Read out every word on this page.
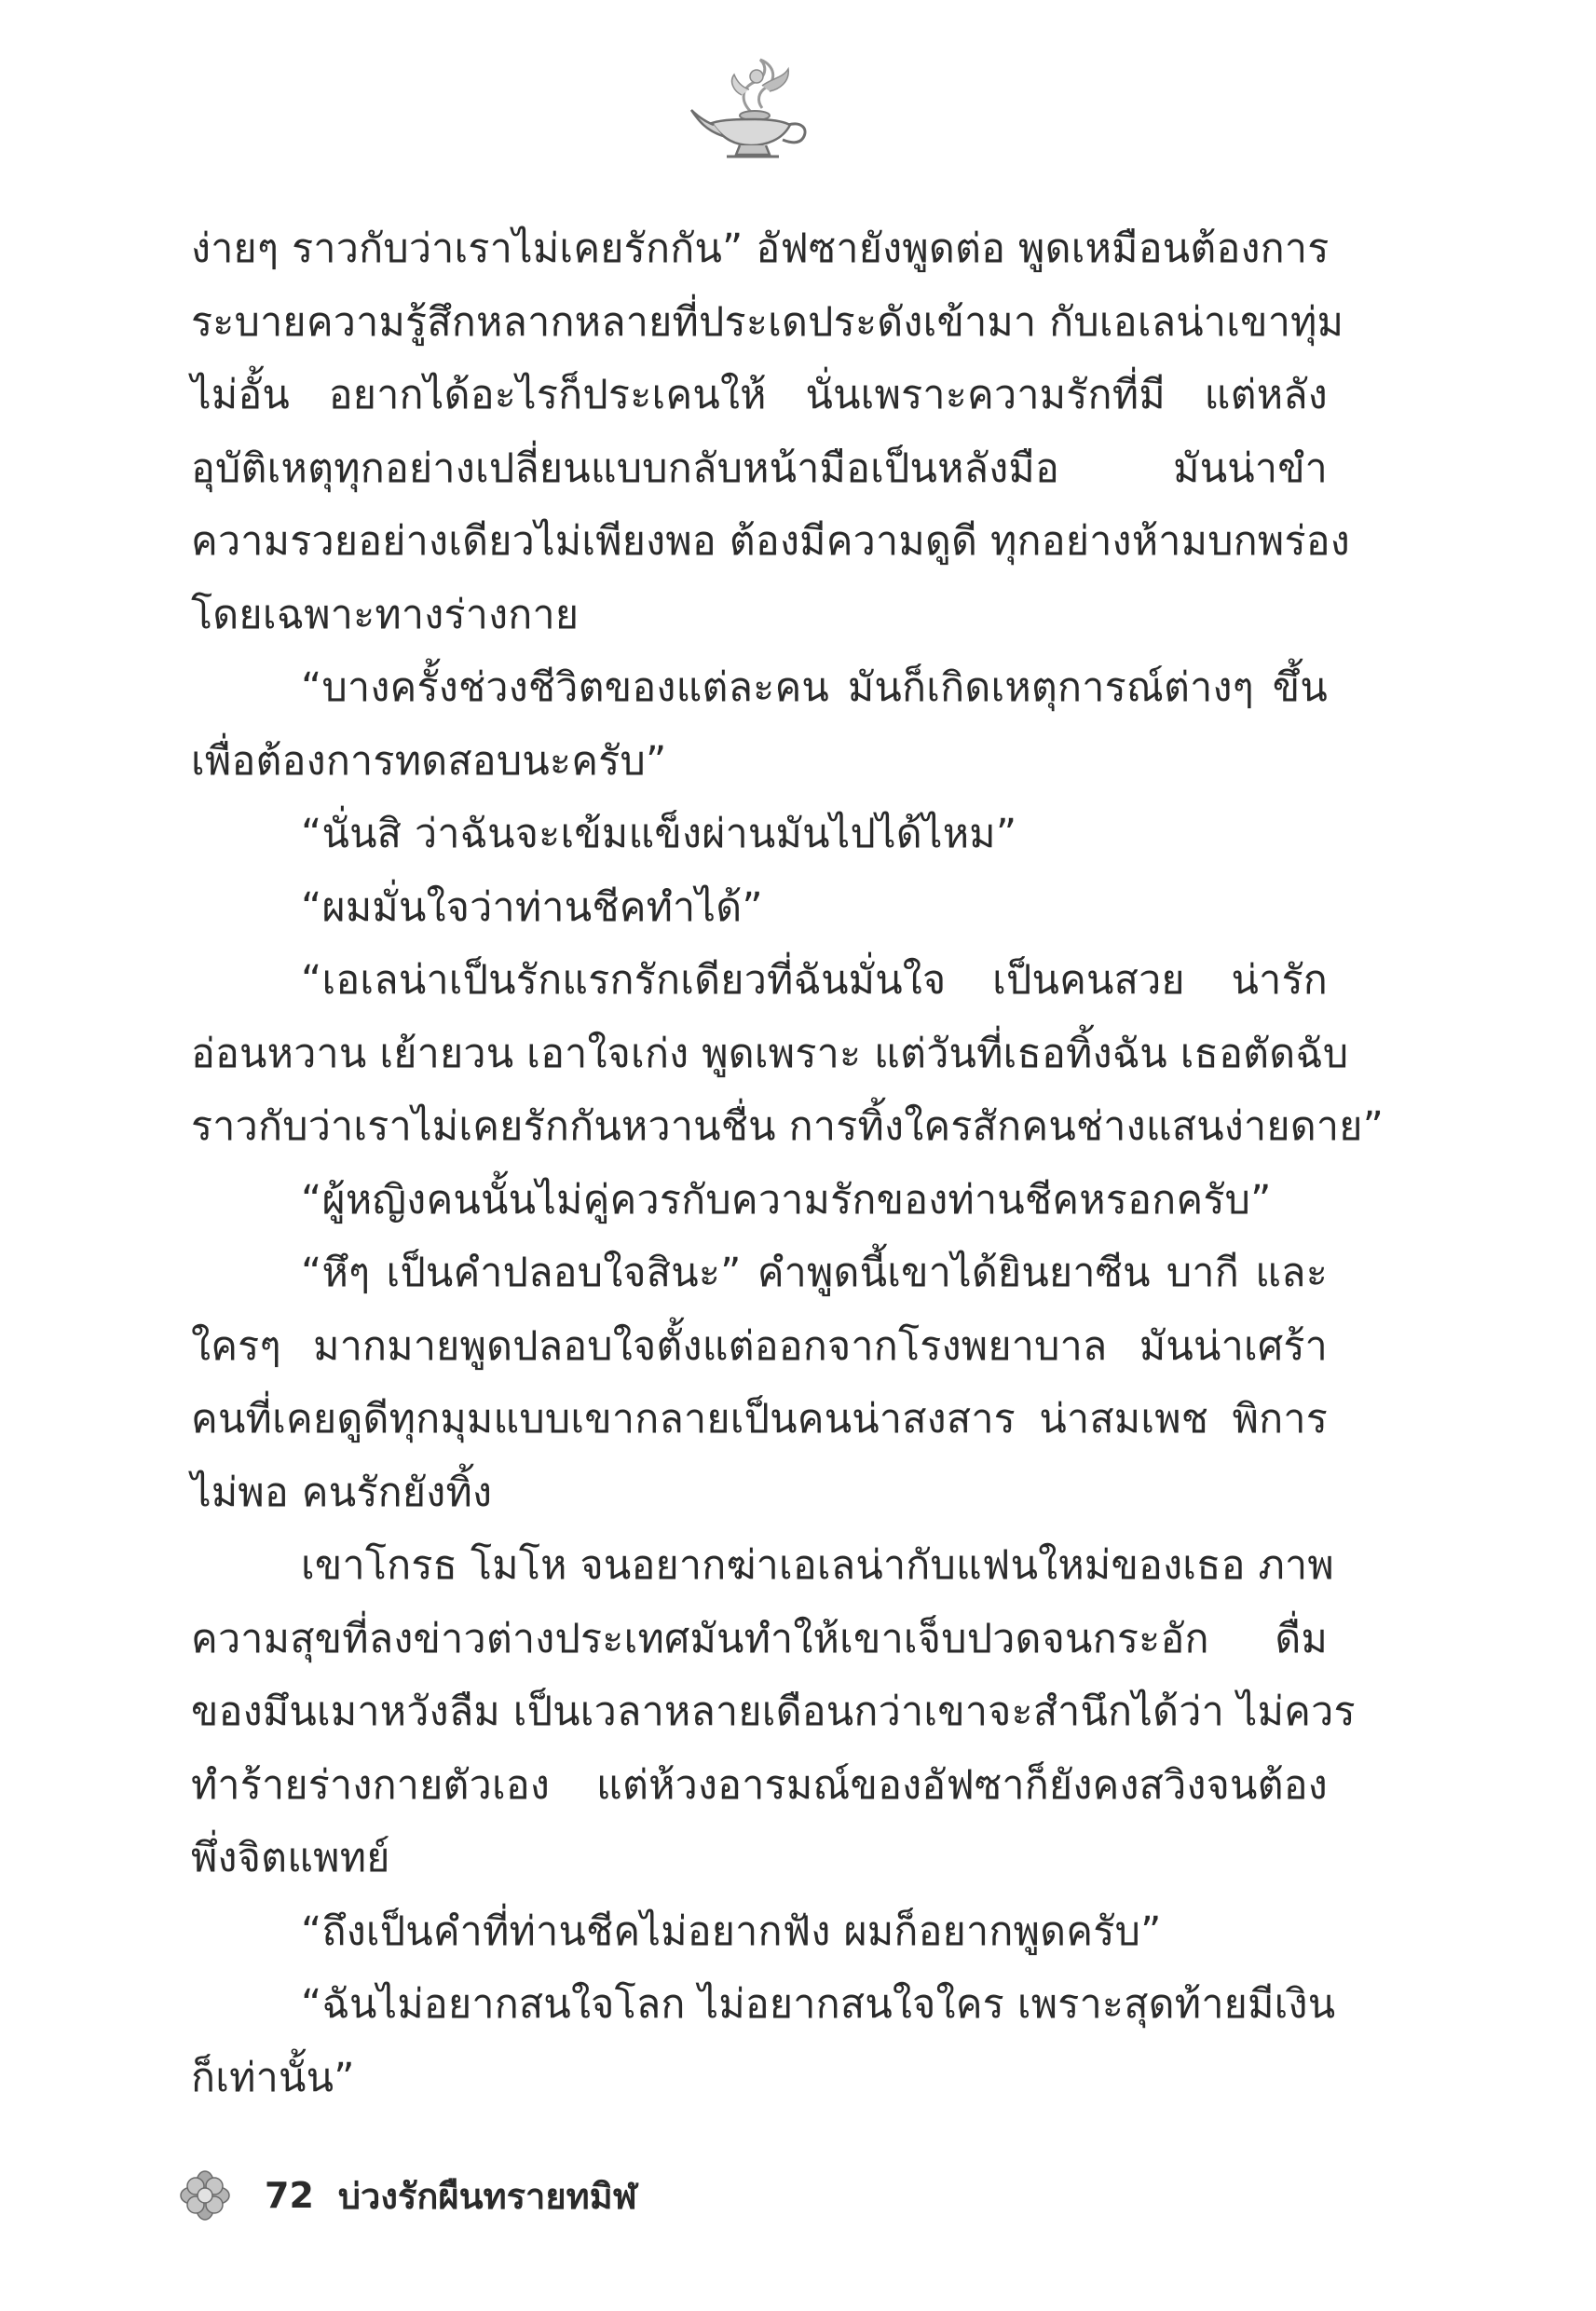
ง่ายๆ ราวกับว่าเราไม่เคยรักกัน” อัฟซายังพูดต่อ พูดเหมือนต้องการ
ระบายความรู้สึกหลากหลายที่ประเดประดังเข้ามา กับเอเลน่าเขาทุ่ม
ไม่อั้น อยากได้อะไรก็ประเคนให้ นั่นเพราะความรักที่มี แต่หลัง
อุบัติเหตุทุกอย่างเปลี่ยนแบบกลับหน้ามือเป็นหลังมือ มันน่าขำ
ความรวยอย่างเดียวไม่เพียงพอ ต้องมีความดูดี ทุกอย่างห้ามบกพร่อง
โดยเฉพาะทางร่างกาย
“บางครั้งช่วงชีวิตของแต่ละคน มันก็เกิดเหตุการณ์ต่างๆ ขึ้น
เพื่อต้องการทดสอบนะครับ”
“นั่นสิ ว่าฉันจะเข้มแข็งผ่านมันไปได้ไหม”
“ผมมั่นใจว่าท่านชีคทำได้”
“เอเลน่าเป็นรักแรกรักเดียวที่ฉันมั่นใจ เป็นคนสวย น่ารัก
อ่อนหวาน เย้ายวน เอาใจเก่ง พูดเพราะ แต่วันที่เธอทิ้งฉัน เธอตัดฉับ
ราวกับว่าเราไม่เคยรักกันหวานชื่น การทิ้งใครสักคนช่างแสนง่ายดาย”
“ผู้หญิงคนนั้นไม่คู่ควรกับความรักของท่านชีคหรอกครับ”
“หึๆ เป็นคำปลอบใจสินะ” คำพูดนี้เขาได้ยินยาซีน บากี และ
ใครๆ มากมายพูดปลอบใจตั้งแต่ออกจากโรงพยาบาล มันน่าเศร้า
คนที่เคยดูดีทุกมุมแบบเขากลายเป็นคนน่าสงสาร น่าสมเพช พิการ
ไม่พอ คนรักยังทิ้ง
เขาโกรธ โมโห จนอยากฆ่าเอเลน่ากับแฟนใหม่ของเธอ ภาพ
ความสุขที่ลงข่าวต่างประเทศมันทำให้เขาเจ็บปวดจนกระอัก ดื่ม
ของมึนเมาหวังลืม เป็นเวลาหลายเดือนกว่าเขาจะสำนึกได้ว่า ไม่ควร
ทำร้ายร่างกายตัวเอง แต่ห้วงอารมณ์ของอัฟซาก็ยังคงสวิงจนต้อง
พึ่งจิตแพทย์
“ถึงเป็นคำที่ท่านชีคไม่อยากฟัง ผมก็อยากพูดครับ”
“ฉันไม่อยากสนใจโลก ไม่อยากสนใจใคร เพราะสุดท้ายมีเงิน
ก็เท่านั้น”
72 บ่วงรักผืนทรายทมิฬ
